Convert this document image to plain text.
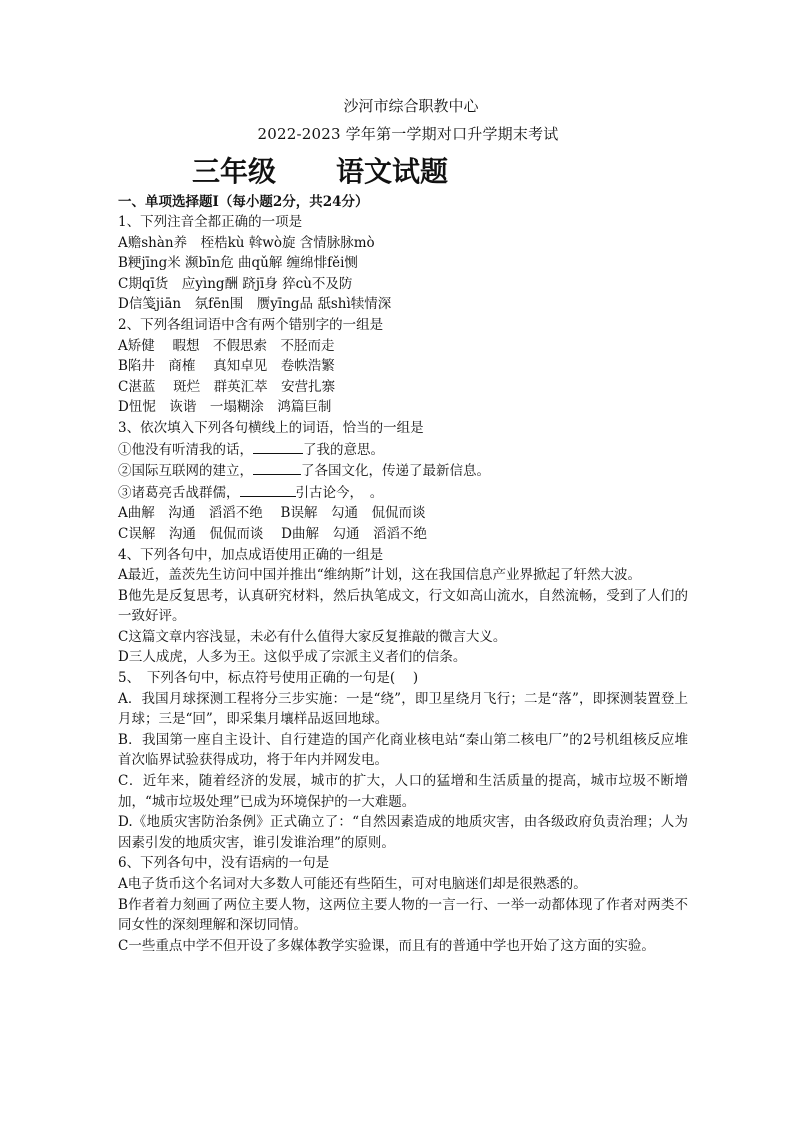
沙河市综合职教中心
2022-2023 学年第一学期对口升学期末考试
三年级 语文试题
一、单项选择题Ⅰ（每小题2分，共24分）
1、下列注音全都正确的一项是
A赡shàn养　桎梏kù 斡wò旋 含情脉脉mò
B粳jīng米 濒bīn危 曲qǔ解 缠绵悱fěi恻
C期qī货　应yìng酬 跻jī身 猝cù不及防
D信笺jiān　氛fēn围　赝yīng品 舐shì犊情深
2、下列各组词语中含有两个错别字的一组是
A矫健　 暇想　不假思索　不胫而走
B陷井　商榷　 真知卓见　卷帙浩繁
C湛蓝　 斑烂　群英汇萃　安营扎寨
D忸怩　诙谐　一塌糊涂　鸿篇巨制
3、依次填入下列各句横线上的词语，恰当的一组是
①他没有听清我的话，	了我的意思。
②国际互联网的建立，	了各国文化，传递了最新信息。
③诸葛亮舌战群儒，	引古论今，　。
A曲解　沟通　滔滔不绝　 B误解　勾通　侃侃而谈
C误解　沟通　侃侃而谈　 D曲解　勾通　滔滔不绝
4、下列各句中，加点成语使用正确的一组是
A最近，盖茨先生访问中国并推出“维纳斯”计划，这在我国信息产业界掀起了轩然大波。
B他先是反复思考，认真研究材料，然后执笔成文，行文如高山流水，自然流畅，受到了人们的一致好评。
C这篇文章内容浅显，未必有什么值得大家反复推敲的微言大义。
D三人成虎，人多为王。这似乎成了宗派主义者们的信条。
5、　下列各句中，标点符号使用正确的一句是(　 )
A．我国月球探测工程将分三步实施：一是“绕”，即卫星绕月飞行；二是“落”，即探测装置登上月球；三是“回”，即采集月壤样品返回地球。
B．我国第一座自主设计、自行建造的国产化商业核电站“秦山第二核电厂”的2号机组核反应堆首次临界试验获得成功，将于年内并网发电。
C．近年来，随着经济的发展，城市的扩大，人口的猛增和生活质量的提高，城市垃圾不断增加，“城市垃圾处理”已成为环境保护的一大难题。
D.《地质灾害防治条例》正式确立了：“自然因素造成的地质灾害，由各级政府负责治理；人为因素引发的地质灾害，谁引发谁治理”的原则。
6、下列各句中，没有语病的一句是
A电子货币这个名词对大多数人可能还有些陌生，可对电脑迷们却是很熟悉的。
B作者着力刻画了两位主要人物，这两位主要人物的一言一行、一举一动都体现了作者对两类不同女性的深刻理解和深切同情。
C一些重点中学不但开设了多媒体教学实验课，而且有的普通中学也开始了这方面的实验。
